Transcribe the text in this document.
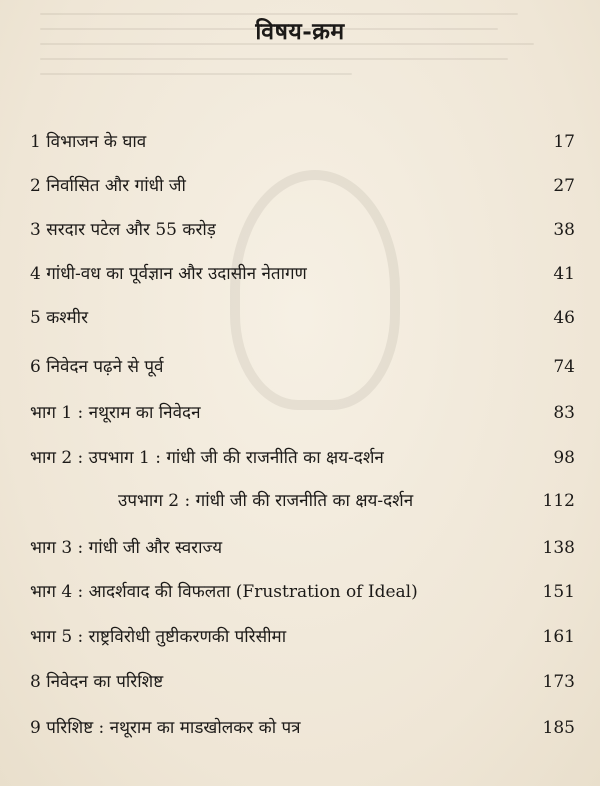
विषय-क्रम
1 विभाजन के घाव	17
2 निर्वासित और गांधी जी	27
3 सरदार पटेल और 55 करोड़	38
4 गांधी-वध का पूर्वज्ञान और उदासीन नेतागण	41
5 कश्मीर	46
6 निवेदन पढ़ने से पूर्व	74
भाग 1 : नथूराम का निवेदन	83
भाग 2 : उपभाग 1 : गांधी जी की राजनीति का क्षय-दर्शन	98
उपभाग 2 : गांधी जी की राजनीति का क्षय-दर्शन	112
भाग 3 : गांधी जी और स्वराज्य	138
भाग 4 : आदर्शवाद की विफलता (Frustration of Ideal)	151
भाग 5 : राष्ट्रविरोधी तुष्टीकरणकी परिसीमा	161
8 निवेदन का परिशिष्ट	173
9 परिशिष्ट : नथूराम का माडखोलकर को पत्र	185
